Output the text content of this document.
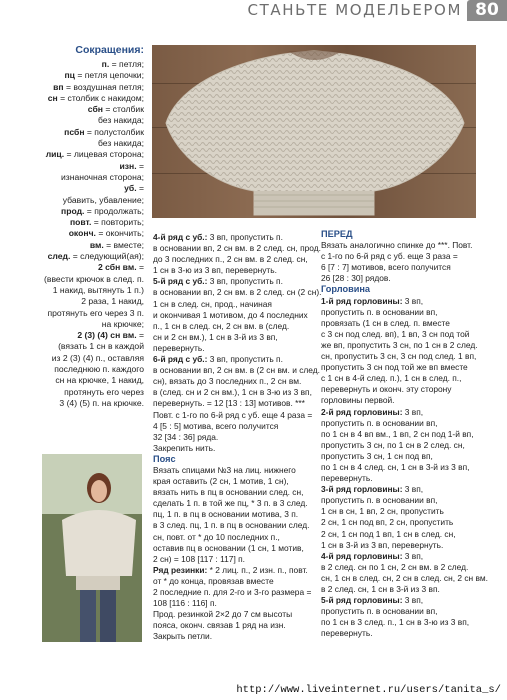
СТАНЬТЕ МОДЕЛЬЕРОМ 80
Сокращения:
п. = петля;
пц = петля цепочки;
вп = воздушная петля;
сн = столбик с накидом;
сбн = столбик
без накида;
псбн = полустолбик
без накида;
лиц. = лицевая сторона;
изн. =
изнаночная сторона;
уб. =
убавить, убавление;
прод. = продолжать;
повт. = повторить;
оконч. = окончить;
вм. = вместе;
след. = следующий(ая);
2 сбн вм. =
(ввести крючок в след. п.
1 накид, вытянуть 1 п.)
2 раза, 1 накид,
протянуть его через 3 п.
на крючке;
2 (3) (4) сн вм. =
(вязать 1 сн в каждой
из 2 (3) (4) п., оставляя
последнюю п. каждого
сн на крючке, 1 накид,
протянуть его через
3 (4) (5) п. на крючке.

4-й ряд с уб.: 3 вп, пропустить п.

в основании вп, 2 сн вм. в 2 след. сн, прод.

до 3 последних п., 2 сн вм. в 2 след. сн,

1 сн в 3-ю из 3 вп, перевернуть.

5-й ряд с уб.: 3 вп, пропустить п.

в основании вп, 2 сн вм. в 2 след. сн (2 сн).

1 сн в след. сн, прод., начиная

и окончивая 1 мотивом, до 4 последних

п., 1 сн в след. сн, 2 сн вм. в (след.

сн и 2 сн вм.), 1 сн в 3-й из 3 вп,

перевернуть.

6-й ряд с уб.: 3 вп, пропустить п.

в основании вп, 2 сн вм. в (2 сн вм. и след.

сн), вязать до 3 последних п., 2 сн вм.

в (след. сн и 2 сн вм.), 1 сн в 3-ю из 3 вп,

перевернуть. = 12 [13 : 13] мотивов. ***

Повт. с 1-го по 6-й ряд с уб. еще 4 раза =

4 [5 : 5] мотива, всего получится

32 [34 : 36] ряда.

Закрепить нить.

Пояс

Вязать спицами №3 на лиц. нижнего

края оставить (2 сн, 1 мотив, 1 сн),

вязать нить в пц в основании след. сн,

сделать 1 п. в той же пц, * 3 п. в 3 след.

пц, 1 п. в пц в основании мотива, 3 п.

в 3 след. пц, 1 п. в пц в основании след.

сн, повт. от * до 10 последних п.,

оставив пц в основании (1 сн, 1 мотив,

2 сн) = 108 [117 : 117] п.

Ряд резинки: * 2 лиц. п., 2 изн. п., повт.

от * до конца, провязав вместе

2 последние п. для 2-го и 3-го размера =

108 [116 : 116] п.

Прод. резинкой 2×2 до 7 см высоты

пояса, оконч. связав 1 ряд на изн.

Закрыть петли.

ПЕРЕД

Вязать аналогично спинке до ***. Повт.

с 1-го по 6-й ряд с уб. еще 3 раза =

6 [7 : 7] мотивов, всего получится

26 [28 : 30] рядов.

Горловина

1-й ряд горловины: 3 вп,

пропустить п. в основании вп,

провязать (1 сн в след. п. вместе

с 3 сн под след. вп), 1 вп, 3 сн под той

же вп, пропустить 3 сн, по 1 сн в 2 след.

сн, пропустить 3 сн, 3 сн под след. 1 вп,

пропустить 3 сн под той же вп вместе

с 1 сн в 4-й след. п.), 1 сн в след. п.,

перевернуть и оконч. эту сторону

горловины первой.

2-й ряд горловины: 3 вп,

пропустить п. в основании вп,

по 1 сн в 4 вп вм., 1 вп, 2 сн под 1-й вп,

пропустить 3 сн, по 1 сн в 2 след. сн,

пропустить 3 сн, 1 сн под вп,

по 1 сн в 4 след. сн, 1 сн в 3-й из 3 вп,

перевернуть.

3-й ряд горловины: 3 вп,

пропустить п. в основании вп,

1 сн в сн, 1 вп, 2 сн, пропустить

2 сн, 1 сн под вп, 2 сн, пропустить

2 сн, 1 сн под 1 вп, 1 сн в след. сн,

1 сн в 3-й из 3 вп, перевернуть.

4-й ряд горловины: 3 вп,

в 2 след. сн по 1 сн, 2 сн вм. в 2 след.

сн, 1 сн в след. сн, 2 сн в след. сн, 2 сн вм.

в 2 след. сн, 1 сн в 3-й из 3 вп.

5-й ряд горловины: 3 вп,

пропустить п. в основании вп,

по 1 сн в 3 след. п., 1 сн в 3-ю из 3 вп,

перевернуть.

http://www.liveinternet.ru/users/tanita_s/
